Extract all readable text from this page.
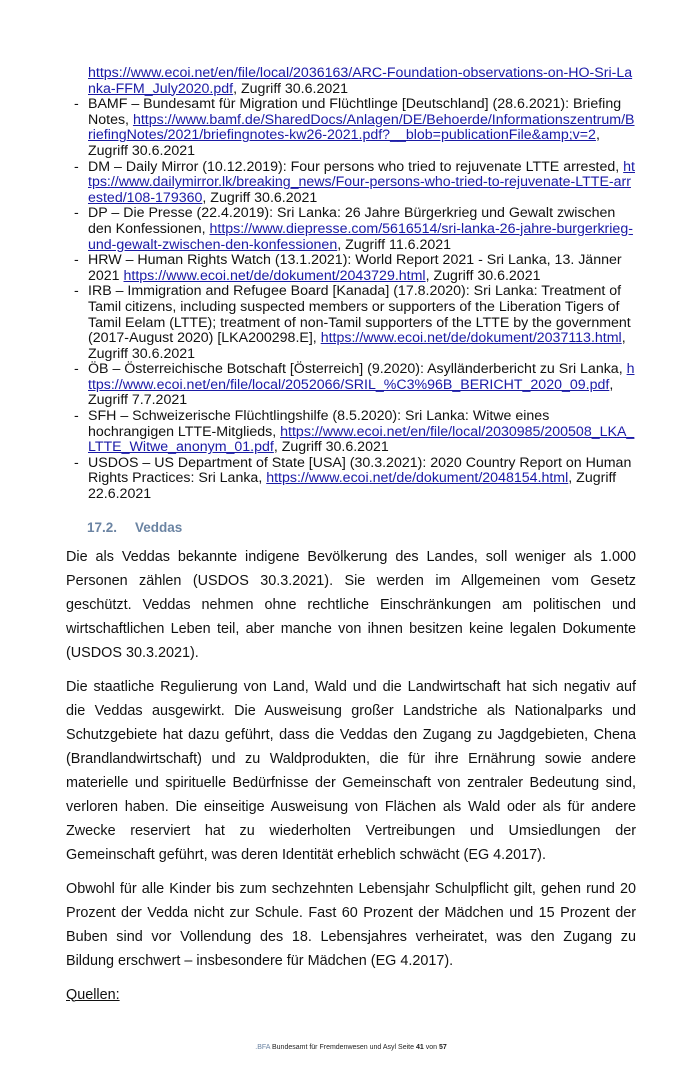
https://www.ecoi.net/en/file/local/2036163/ARC-Foundation-observations-on-HO-Sri-Lanka-FFM_July2020.pdf, Zugriff 30.6.2021
- BAMF – Bundesamt für Migration und Flüchtlinge [Deutschland] (28.6.2021): Briefing Notes, https://www.bamf.de/SharedDocs/Anlagen/DE/Behoerde/Informationszentrum/BriefingNotes/2021/briefingnotes-kw26-2021.pdf?__blob=publicationFile&amp;v=2, Zugriff 30.6.2021
- DM – Daily Mirror (10.12.2019): Four persons who tried to rejuvenate LTTE arrested, https://www.dailymirror.lk/breaking_news/Four-persons-who-tried-to-rejuvenate-LTTE-arrested/108-179360, Zugriff 30.6.2021
- DP – Die Presse (22.4.2019): Sri Lanka: 26 Jahre Bürgerkrieg und Gewalt zwischen den Konfessionen, https://www.diepresse.com/5616514/sri-lanka-26-jahre-burgerkrieg-und-gewalt-zwischen-den-konfessionen, Zugriff 11.6.2021
- HRW – Human Rights Watch (13.1.2021): World Report 2021 - Sri Lanka, 13. Jänner 2021 https://www.ecoi.net/de/dokument/2043729.html, Zugriff 30.6.2021
- IRB – Immigration and Refugee Board [Kanada] (17.8.2020): Sri Lanka: Treatment of Tamil citizens, including suspected members or supporters of the Liberation Tigers of Tamil Eelam (LTTE); treatment of non-Tamil supporters of the LTTE by the government (2017-August 2020) [LKA200298.E], https://www.ecoi.net/de/dokument/2037113.html, Zugriff 30.6.2021
- ÖB – Österreichische Botschaft [Österreich] (9.2020): Asylländerbericht zu Sri Lanka, https://www.ecoi.net/en/file/local/2052066/SRIL_%C3%96B_BERICHT_2020_09.pdf, Zugriff 7.7.2021
- SFH – Schweizerische Flüchtlingshilfe (8.5.2020): Sri Lanka: Witwe eines hochrangigen LTTE-Mitglieds, https://www.ecoi.net/en/file/local/2030985/200508_LKA_LTTE_Witwe_anonym_01.pdf, Zugriff 30.6.2021
- USDOS – US Department of State [USA] (30.3.2021): 2020 Country Report on Human Rights Practices: Sri Lanka, https://www.ecoi.net/de/dokument/2048154.html, Zugriff 22.6.2021
17.2. Veddas

Die als Veddas bekannte indigene Bevölkerung des Landes, soll weniger als 1.000 Personen zählen (USDOS 30.3.2021). Sie werden im Allgemeinen vom Gesetz geschützt. Veddas nehmen ohne rechtliche Einschränkungen am politischen und wirtschaftlichen Leben teil, aber manche von ihnen besitzen keine legalen Dokumente (USDOS 30.3.2021).

Die staatliche Regulierung von Land, Wald und die Landwirtschaft hat sich negativ auf die Veddas ausgewirkt. Die Ausweisung großer Landstriche als Nationalparks und Schutzgebiete hat dazu geführt, dass die Veddas den Zugang zu Jagdgebieten, Chena (Brandlandwirtschaft) und zu Waldprodukten, die für ihre Ernährung sowie andere materielle und spirituelle Bedürfnisse der Gemeinschaft von zentraler Bedeutung sind, verloren haben. Die einseitige Ausweisung von Flächen als Wald oder als für andere Zwecke reserviert hat zu wiederholten Vertreibungen und Umsiedlungen der Gemeinschaft geführt, was deren Identität erheblich schwächt (EG 4.2017).

Obwohl für alle Kinder bis zum sechzehnten Lebensjahr Schulpflicht gilt, gehen rund 20 Prozent der Vedda nicht zur Schule. Fast 60 Prozent der Mädchen und 15 Prozent der Buben sind vor Vollendung des 18. Lebensjahres verheiratet, was den Zugang zu Bildung erschwert – insbesondere für Mädchen (EG 4.2017).

Quellen:
.BFA Bundesamt für Fremdenwesen und Asyl Seite 41 von 57
